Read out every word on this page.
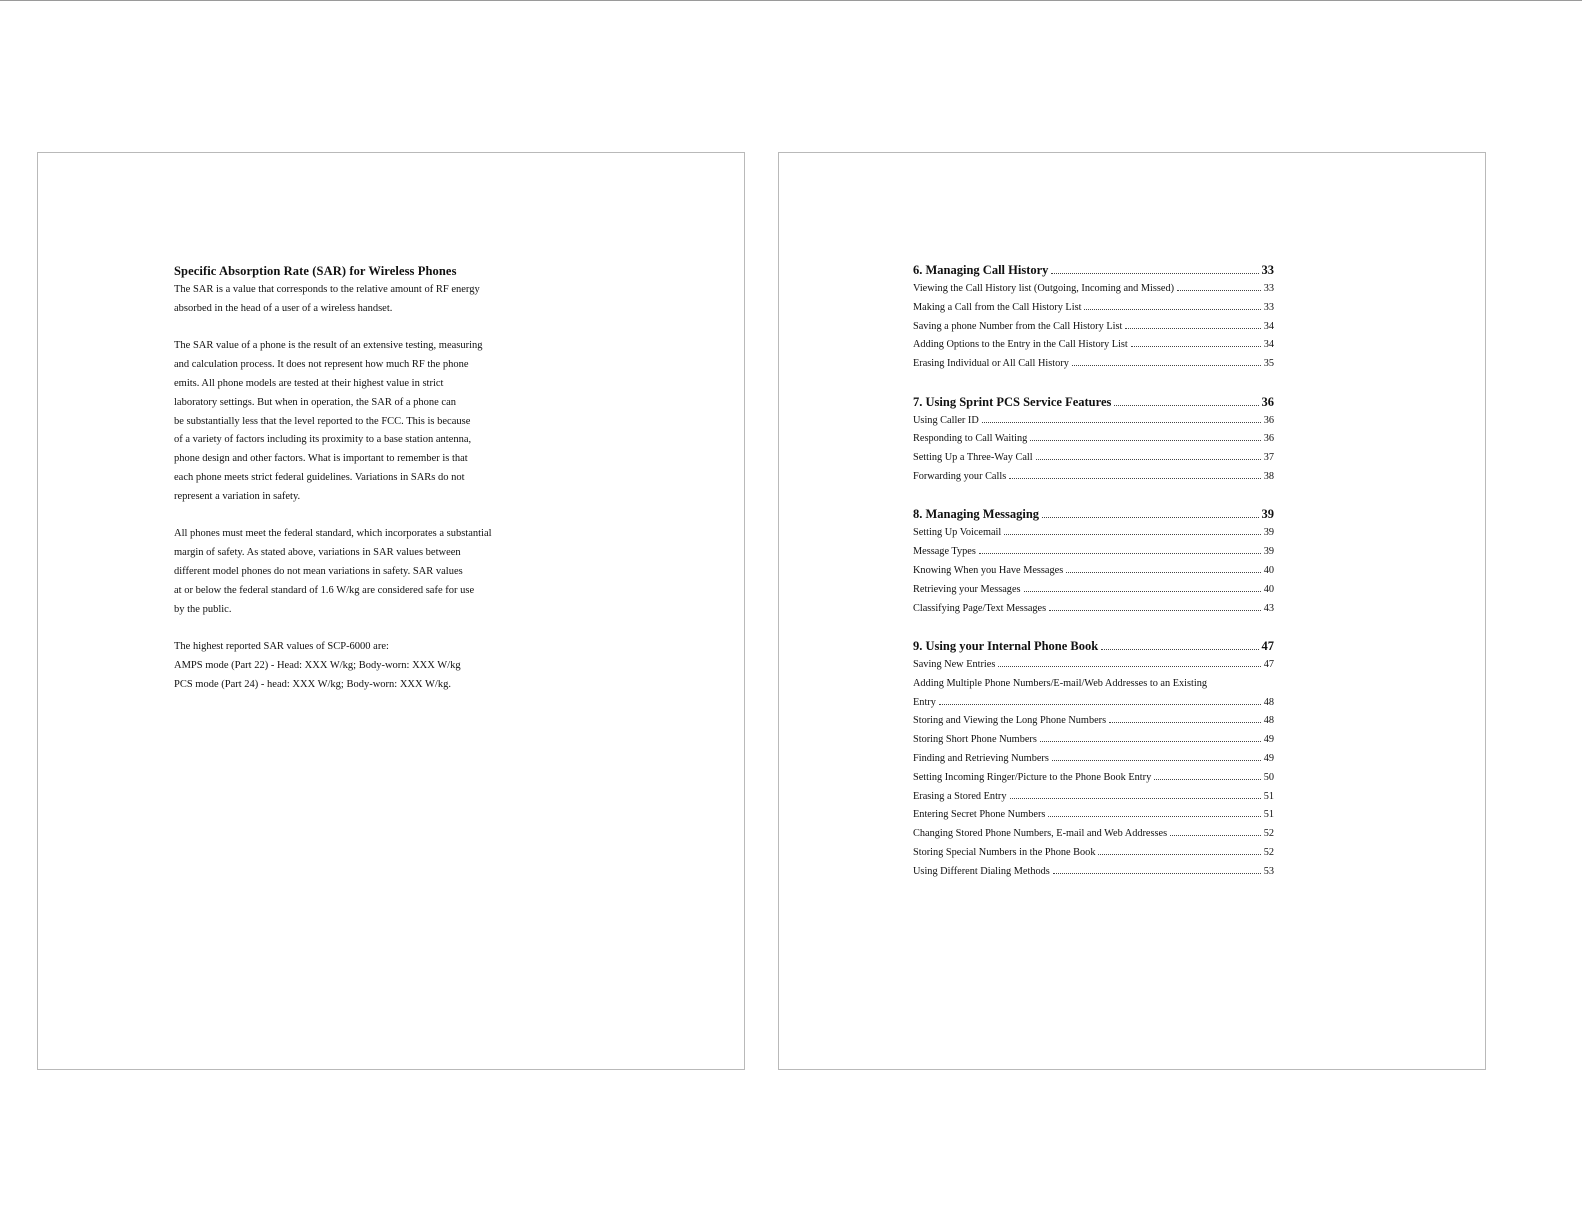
Specific Absorption Rate (SAR) for Wireless Phones
The SAR is a value that corresponds to the relative amount of RF energy
absorbed in the head of a user of a wireless handset.
The SAR value of a phone is the result of an extensive testing, measuring
and calculation process. It does not represent how much RF the phone
emits. All phone models are tested at their highest value in strict
laboratory settings. But when in operation, the SAR of a phone can
be substantially less that the level reported to the FCC. This is because
of a variety of factors including its proximity to a base station antenna,
phone design and other factors. What is important to remember is that
each phone meets strict federal guidelines. Variations in SARs do not
represent a variation in safety.
All phones must meet the federal standard, which incorporates a substantial
margin of safety. As stated above, variations in SAR values between
different model phones do not mean variations in safety. SAR values
at or below the federal standard of 1.6 W/kg are considered safe for use
by the public.
The highest reported SAR values of SCP-6000 are:
AMPS mode (Part 22) - Head: XXX W/kg; Body-worn: XXX W/kg
PCS mode (Part 24) - head: XXX W/kg; Body-worn: XXX W/kg.
6. Managing Call History	33
Viewing the Call History list (Outgoing, Incoming and Missed)	33
Making a Call from the Call History List	33
Saving a phone Number from the Call History List	34
Adding Options to the Entry in the Call History List	34
Erasing Individual or All Call History	35
7. Using Sprint PCS Service Features	36
Using Caller ID	36
Responding to Call Waiting	36
Setting Up a Three-Way Call	37
Forwarding your Calls	38
8. Managing Messaging	39
Setting Up Voicemail	39
Message Types	39
Knowing When you Have Messages	40
Retrieving your Messages	40
Classifying Page/Text Messages	43
9. Using your Internal Phone Book	47
Saving New Entries	47
Adding Multiple Phone Numbers/E-mail/Web Addresses to an Existing
Entry	48
Storing and Viewing the Long Phone Numbers	48
Storing Short Phone Numbers	49
Finding and Retrieving Numbers	49
Setting Incoming Ringer/Picture to the Phone Book Entry	50
Erasing a Stored Entry	51
Entering Secret Phone Numbers	51
Changing Stored Phone Numbers, E-mail and Web Addresses	52
Storing Special Numbers in the Phone Book	52
Using Different Dialing Methods	53
